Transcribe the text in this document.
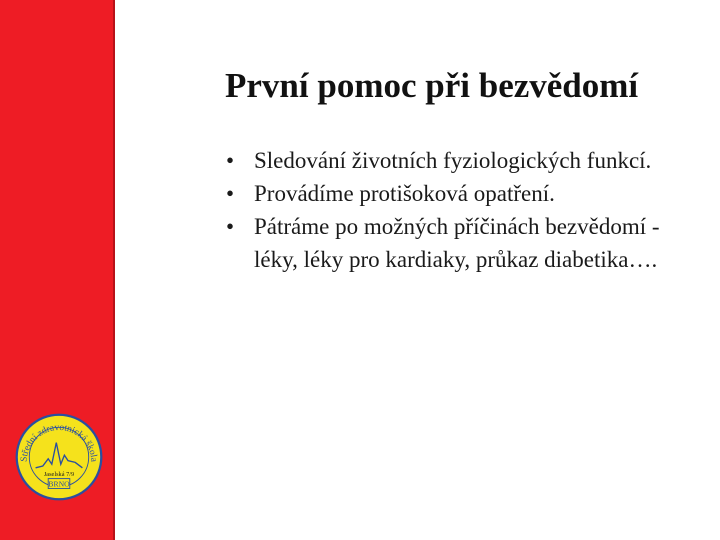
První pomoc při bezvědomí
• Sledování životních fyziologických funkcí.
• Provádíme protišoková opatření.
• Pátráme po možných příčinách bezvědomí - léky, léky pro kardiaky, průkaz diabetika….
Střední zdravotnická škola
Jaselská 7/9
BRNO
